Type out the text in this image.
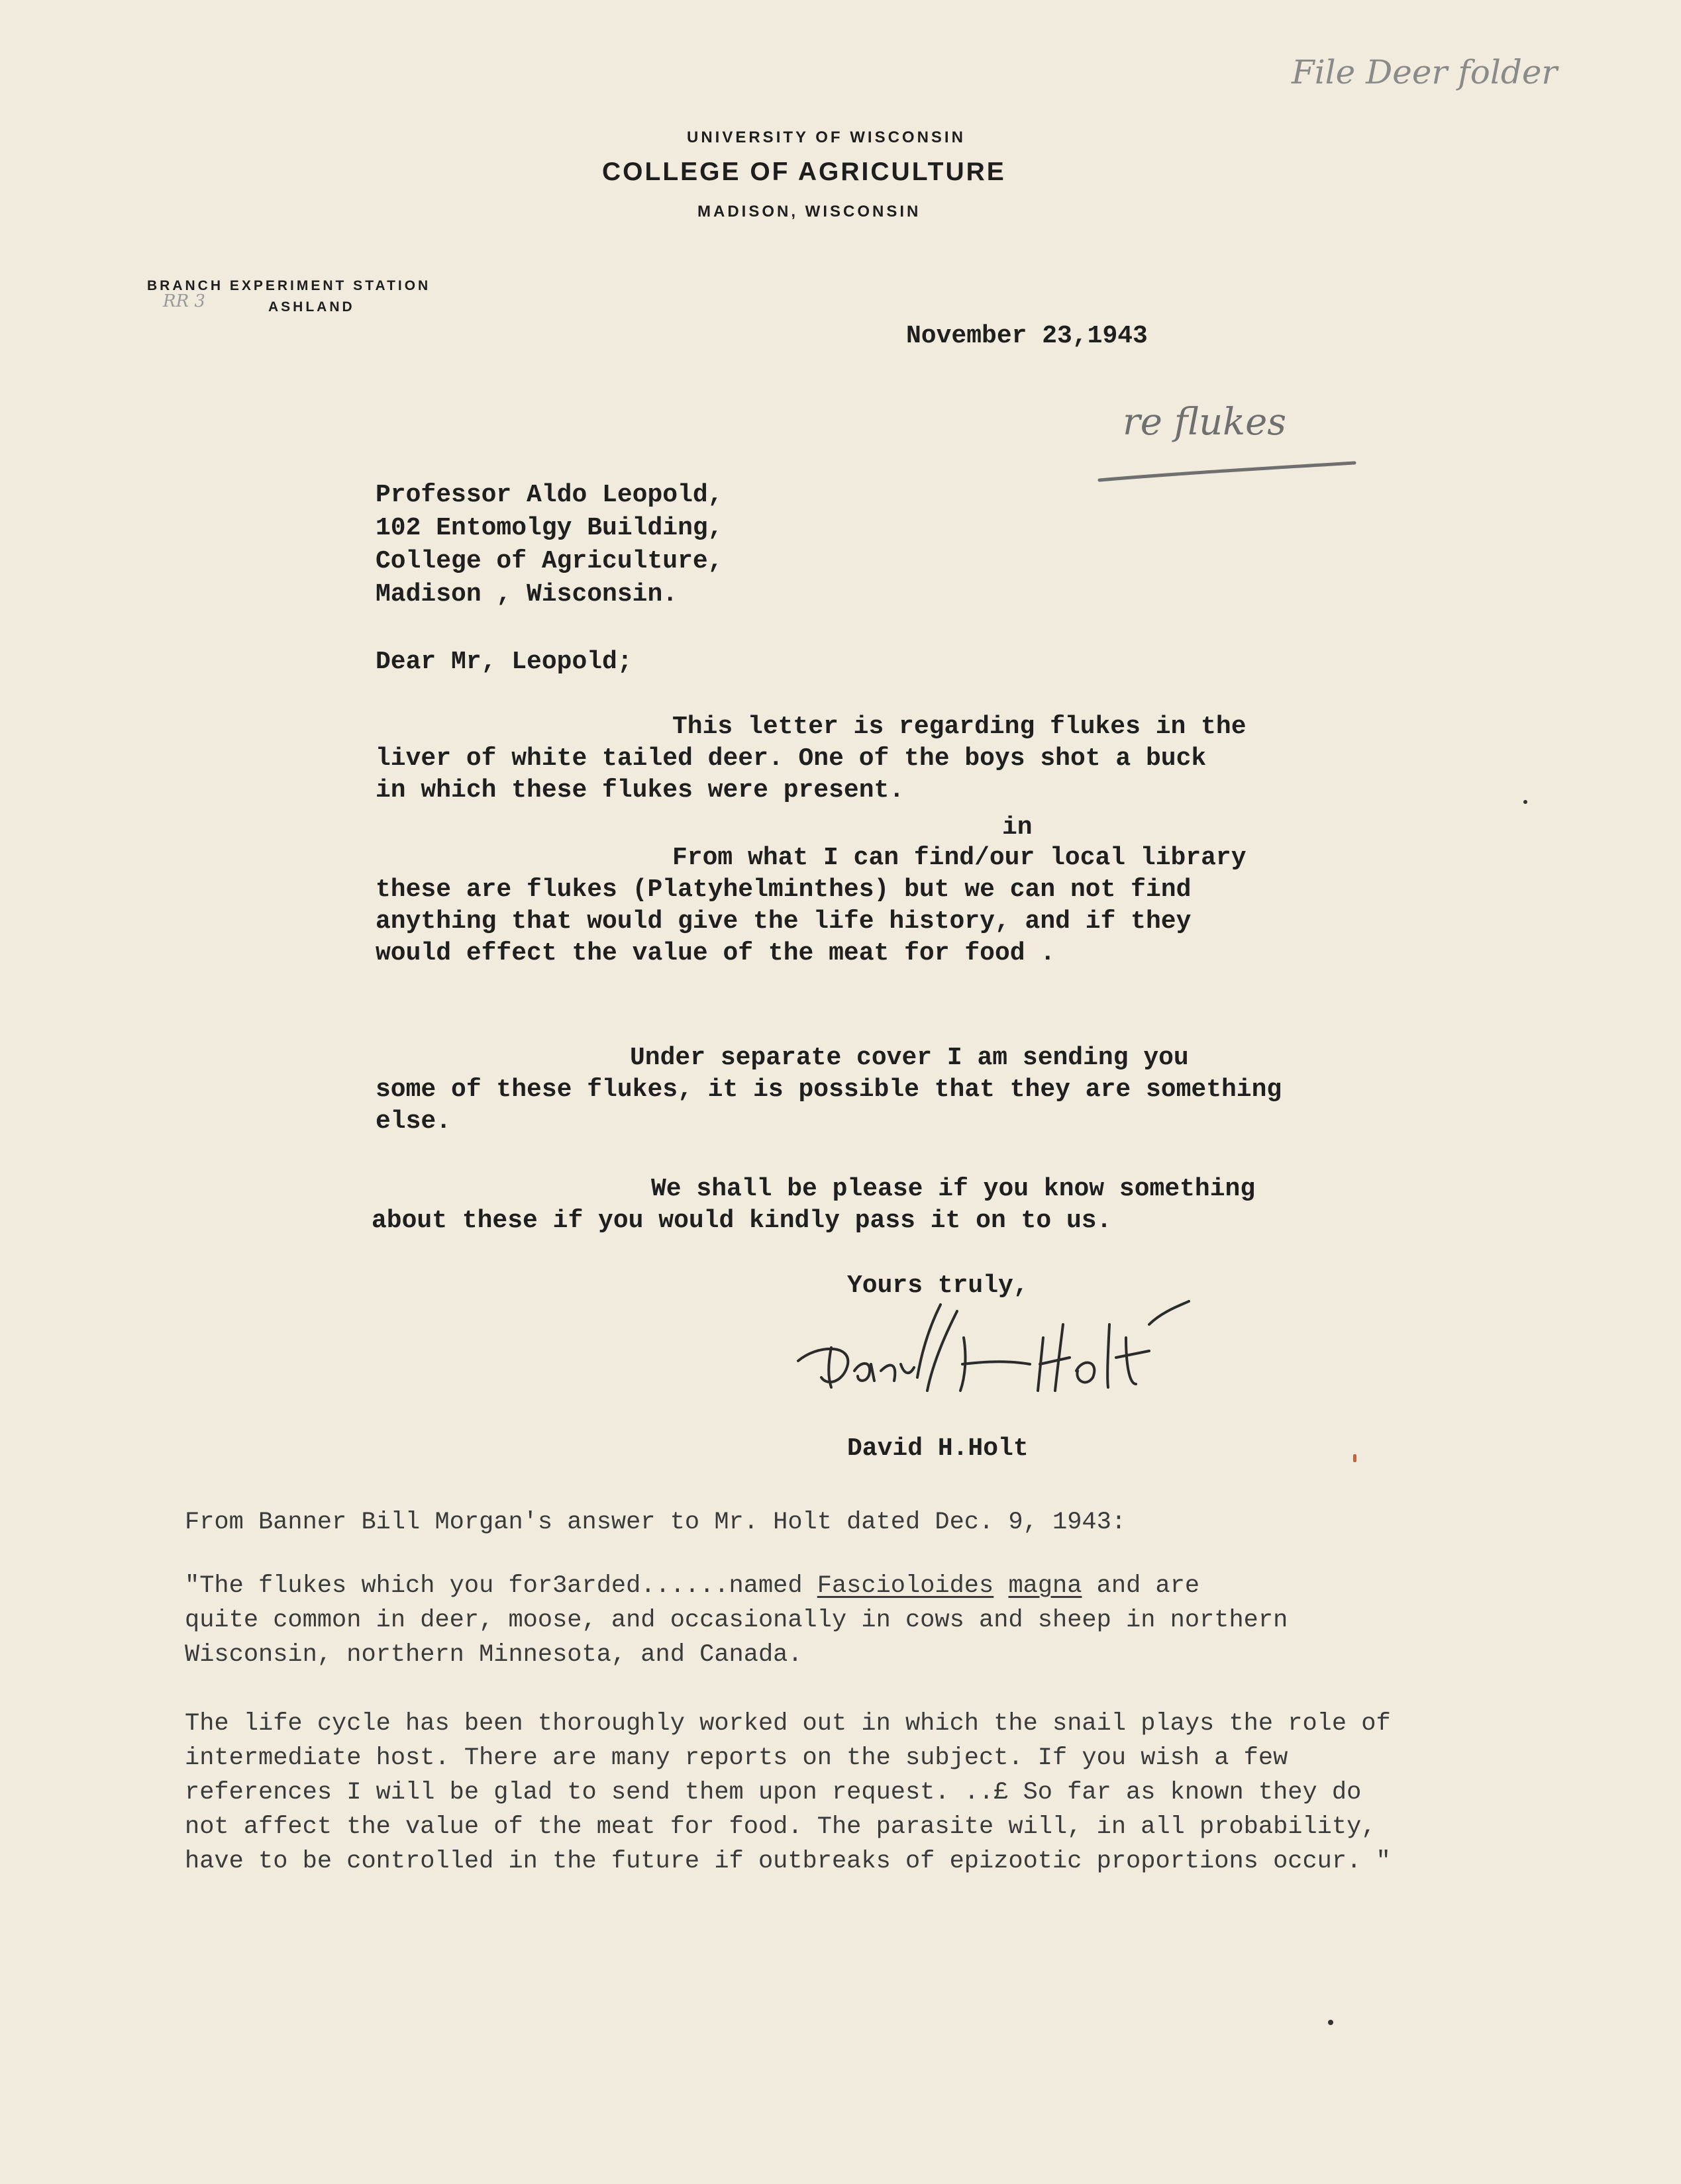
File Deer folder
RR 3
re flukes
UNIVERSITY OF WISCONSIN
COLLEGE OF AGRICULTURE
MADISON, WISCONSIN
BRANCH EXPERIMENT STATION
ASHLAND
November 23,1943
Professor Aldo Leopold,
102 Entomolgy Building,
College of Agriculture,
Madison , Wisconsin.
Dear Mr, Leopold;
This letter is regarding flukes in the
liver of white tailed deer. One of the boys shot a buck
in which these flukes were present.
in
From what I can find/our local library
these are flukes (Platyhelminthes) but we can not find
anything that would give the life history, and if they
would effect the value of the meat for food .
Under separate cover I am sending you
some of these flukes, it is possible that they are something
else.
We shall be please if you know something
about these if you would kindly pass it on to us.
Yours truly,
David H.Holt
From Banner Bill Morgan's answer to Mr. Holt dated Dec. 9, 1943:
"The flukes which you for3arded......named Fascioloides magna and are
quite common in deer, moose, and occasionally in cows and sheep in northern
Wisconsin, northern Minnesota, and Canada.
The life cycle has been thoroughly worked out in which the snail plays the role of
intermediate host. There are many reports on the subject. If you wish a few
references I will be glad to send them upon request. ..£ So far as known they do
not affect the value of the meat for food. The parasite will, in all probability,
have to be controlled in the future if outbreaks of epizootic proportions occur. "
